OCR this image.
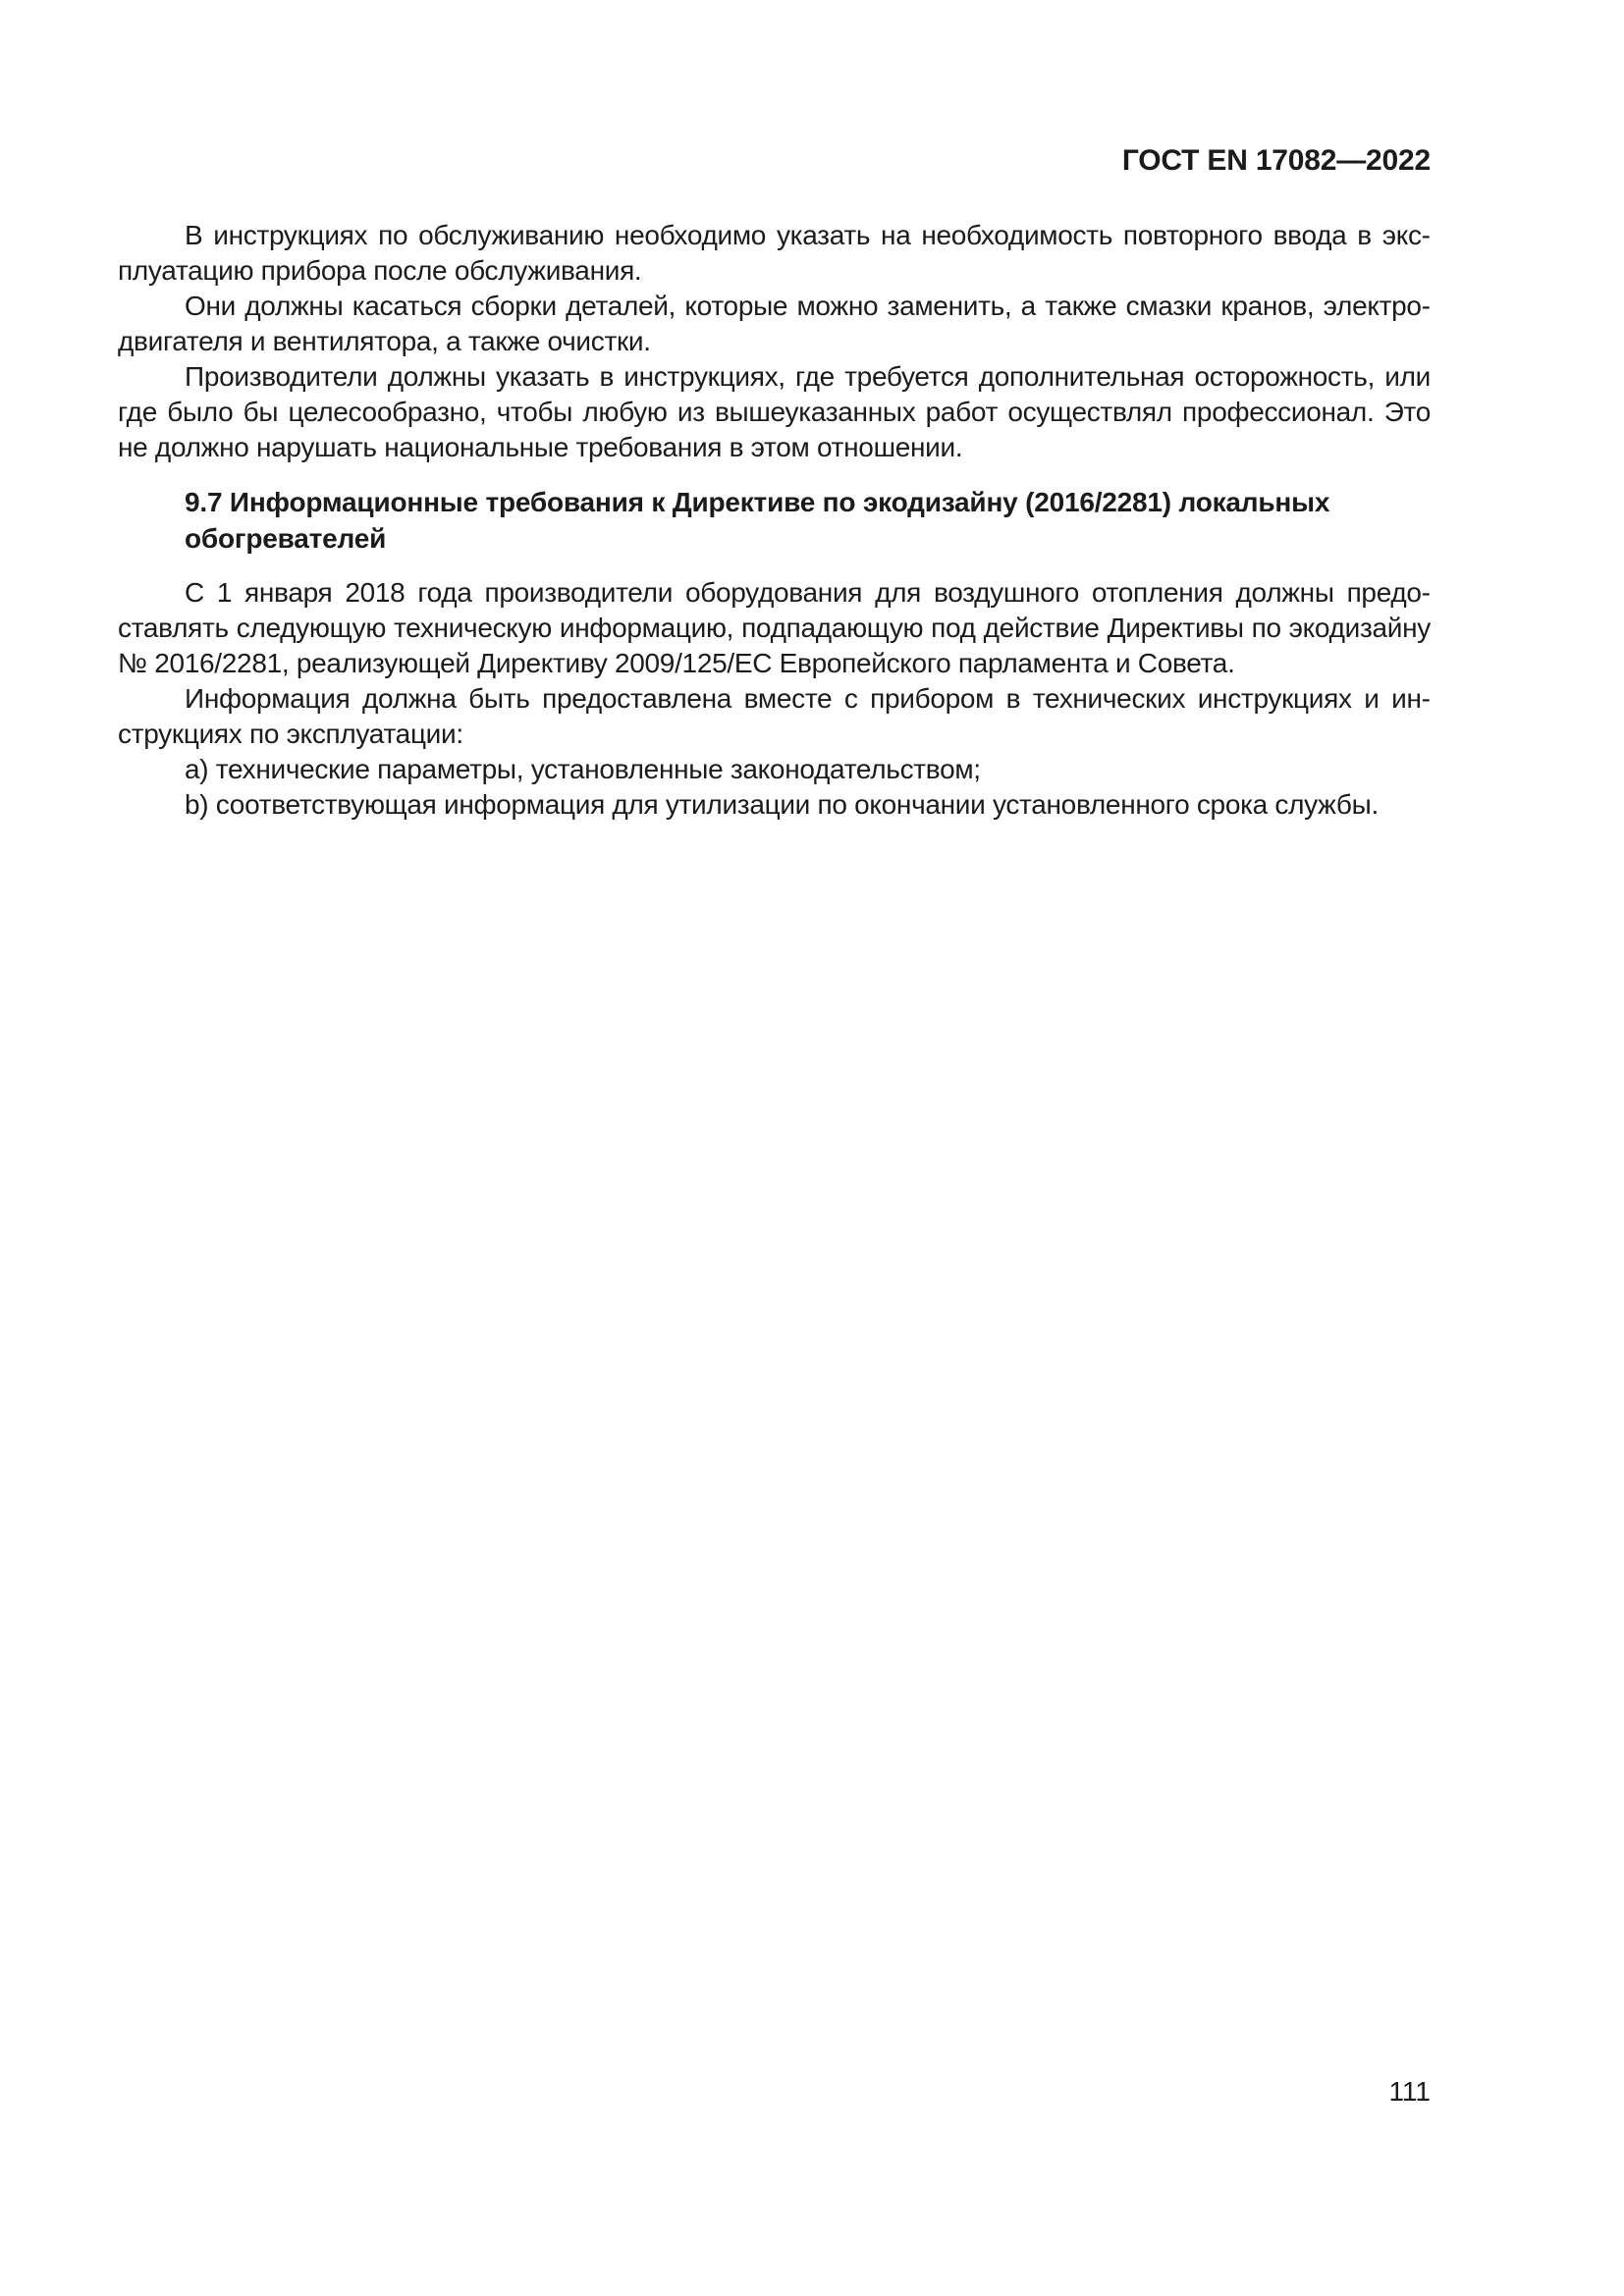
ГОСТ EN 17082—2022

В инструкциях по обслуживанию необходимо указать на необходимость повторного ввода в эксплуатацию прибора после обслуживания.

Они должны касаться сборки деталей, которые можно заменить, а также смазки кранов, электродвигателя и вентилятора, а также очистки.

Производители должны указать в инструкциях, где требуется дополнительная осторожность, или где было бы целесообразно, чтобы любую из вышеуказанных работ осуществлял профессионал. Это не должно нарушать национальные требования в этом отношении.

9.7 Информационные требования к Директиве по экодизайну (2016/2281) локальных обогревателей

С 1 января 2018 года производители оборудования для воздушного отопления должны предоставлять следующую техническую информацию, подпадающую под действие Директивы по экодизайну № 2016/2281, реализующей Директиву 2009/125/ЕС Европейского парламента и Совета.

Информация должна быть предоставлена вместе с прибором в технических инструкциях и инструкциях по эксплуатации:

a) технические параметры, установленные законодательством;

b) соответствующая информация для утилизации по окончании установленного срока службы.

111
